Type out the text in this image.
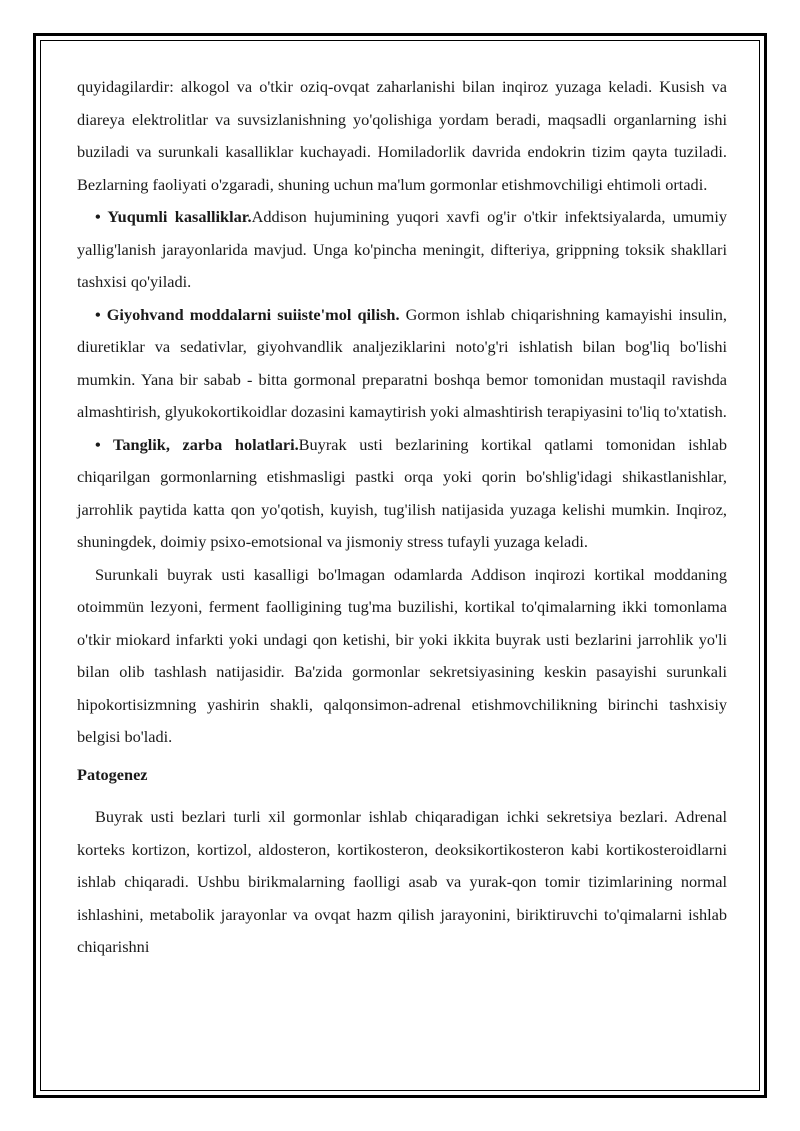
quyidagilardir: alkogol va o'tkir oziq-ovqat zaharlanishi bilan inqiroz yuzaga keladi. Kusish va diareya elektrolitlar va suvsizlanishning yo'qolishiga yordam beradi, maqsadli organlarning ishi buziladi va surunkali kasalliklar kuchayadi. Homiladorlik davrida endokrin tizim qayta tuziladi. Bezlarning faoliyati o'zgaradi, shuning uchun ma'lum gormonlar etishmovchiligi ehtimoli ortadi.

• Yuqumli kasalliklar.Addison hujumining yuqori xavfi og'ir o'tkir infektsiyalarda, umumiy yallig'lanish jarayonlarida mavjud. Unga ko'pincha meningit, difteriya, grippning toksik shakllari tashxisi qo'yiladi.

• Giyohvand moddalarni suiiste'mol qilish. Gormon ishlab chiqarishning kamayishi insulin, diuretiklar va sedativlar, giyohvandlik analjeziklarini noto'g'ri ishlatish bilan bog'liq bo'lishi mumkin. Yana bir sabab - bitta gormonal preparatni boshqa bemor tomonidan mustaqil ravishda almashtirish, glyukokortikoidlar dozasini kamaytirish yoki almashtirish terapiyasini to'liq to'xtatish.

• Tanglik, zarba holatlari.Buyrak usti bezlarining kortikal qatlami tomonidan ishlab chiqarilgan gormonlarning etishmasligi pastki orqa yoki qorin bo'shlig'idagi shikastlanishlar, jarrohlik paytida katta qon yo'qotish, kuyish, tug'ilish natijasida yuzaga kelishi mumkin. Inqiroz, shuningdek, doimiy psixo-emotsional va jismoniy stress tufayli yuzaga keladi.

Surunkali buyrak usti kasalligi bo'lmagan odamlarda Addison inqirozi kortikal moddaning otoimmün lezyoni, ferment faolligining tug'ma buzilishi, kortikal to'qimalarning ikki tomonlama o'tkir miokard infarkti yoki undagi qon ketishi, bir yoki ikkita buyrak usti bezlarini jarrohlik yo'li bilan olib tashlash natijasidir. Ba'zida gormonlar sekretsiyasining keskin pasayishi surunkali hipokortisizmning yashirin shakli, qalqonsimon-adrenal etishmovchilikning birinchi tashxisiy belgisi bo'ladi.

Patogenez

Buyrak usti bezlari turli xil gormonlar ishlab chiqaradigan ichki sekretsiya bezlari. Adrenal korteks kortizon, kortizol, aldosteron, kortikosteron, deoksikortikosteron kabi kortikosteroidlarni ishlab chiqaradi. Ushbu birikmalarning faolligi asab va yurak-qon tomir tizimlarining normal ishlashini, metabolik jarayonlar va ovqat hazm qilish jarayonini, biriktiruvchi to'qimalarni ishlab chiqarishni
